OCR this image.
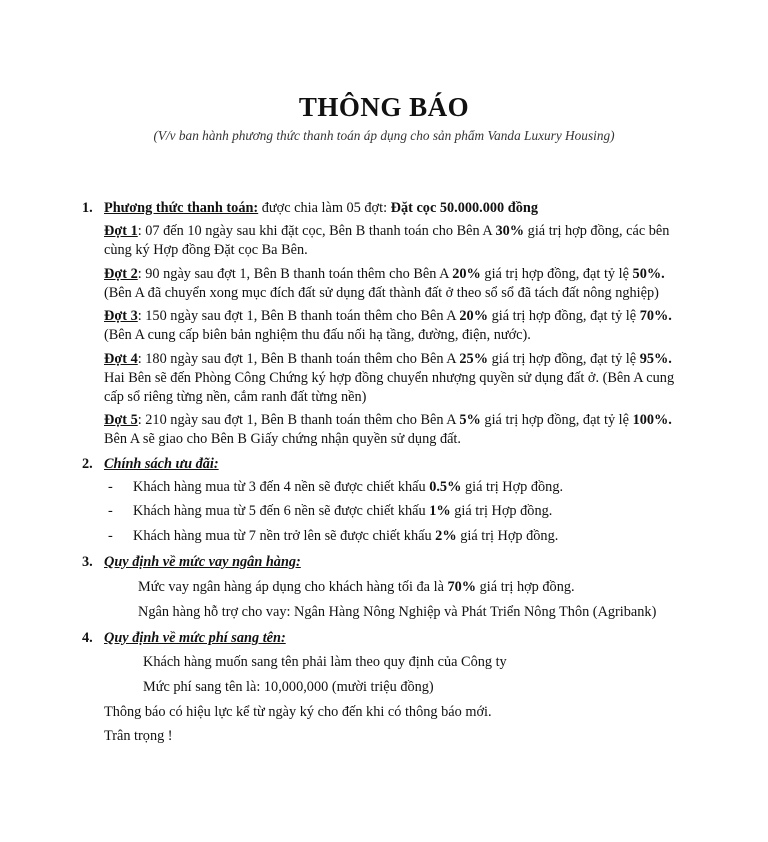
THÔNG BÁO
(V/v ban hành phương thức thanh toán áp dụng cho sản phẩm Vanda Luxury Housing)
1. Phương thức thanh toán: được chia làm 05 đợt: Đặt cọc 50.000.000 đồng
Đợt 1: 07 đến 10 ngày sau khi đặt cọc, Bên B thanh toán cho Bên A 30% giá trị hợp đồng, các bên
cùng ký Hợp đồng Đặt cọc Ba Bên.
Đợt 2: 90 ngày sau đợt 1, Bên B thanh toán thêm cho Bên A 20% giá trị hợp đồng, đạt tỷ lệ 50%.
(Bên A đã chuyển xong mục đích đất sử dụng đất thành đất ở theo sổ sổ đã tách đất nông nghiệp)
Đợt 3: 150 ngày sau đợt 1, Bên B thanh toán thêm cho Bên A 20% giá trị hợp đồng, đạt tỷ lệ 70%.
(Bên A cung cấp biên bản nghiệm thu đấu nối hạ tầng, đường, điện, nước).
Đợt 4: 180 ngày sau đợt 1, Bên B thanh toán thêm cho Bên A 25% giá trị hợp đồng, đạt tỷ lệ 95%.
Hai Bên sẽ đến Phòng Công Chứng ký hợp đồng chuyển nhượng quyền sử dụng đất ở. (Bên A cung
cấp sổ riêng từng nền, cắm ranh đất từng nền)
Đợt 5: 210 ngày sau đợt 1, Bên B thanh toán thêm cho Bên A 5% giá trị hợp đồng, đạt tỷ lệ 100%.
Bên A sẽ giao cho Bên B Giấy chứng nhận quyền sử dụng đất.
2. Chính sách ưu đãi:
- Khách hàng mua từ 3 đến 4 nền sẽ được chiết khấu 0.5% giá trị Hợp đồng.
- Khách hàng mua từ 5 đến 6 nền sẽ được chiết khấu 1% giá trị Hợp đồng.
- Khách hàng mua từ 7 nền trở lên sẽ được chiết khấu 2% giá trị Hợp đồng.
3. Quy định về mức vay ngân hàng:
Mức vay ngân hàng áp dụng cho khách hàng tối đa là 70% giá trị hợp đồng.
Ngân hàng hỗ trợ cho vay: Ngân Hàng Nông Nghiệp và Phát Triển Nông Thôn (Agribank)
4. Quy định về mức phí sang tên:
Khách hàng muốn sang tên phải làm theo quy định của Công ty
Mức phí sang tên là: 10,000,000 (mười triệu đồng)
Thông báo có hiệu lực kể từ ngày ký cho đến khi có thông báo mới.
Trân trọng !
